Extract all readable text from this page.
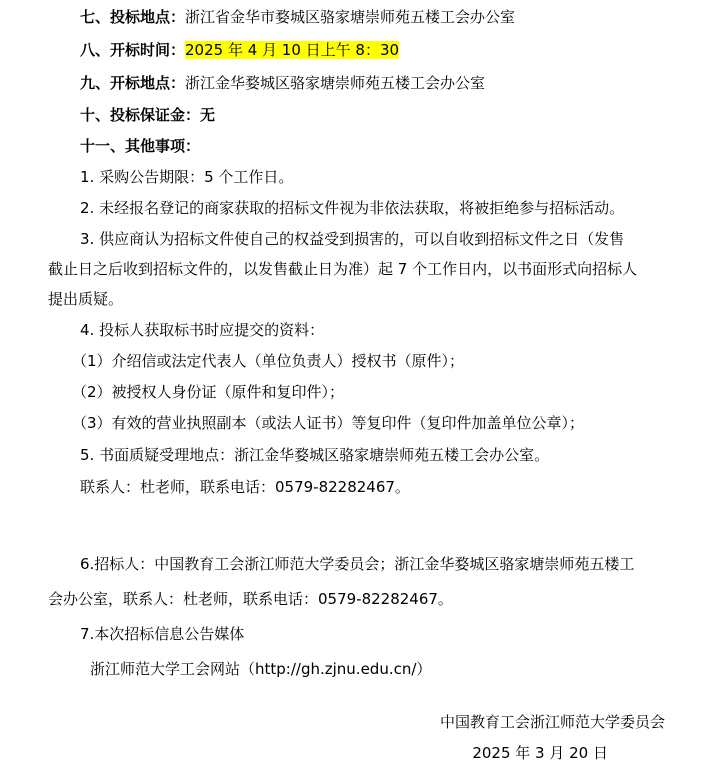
七、投标地点：浙江省金华市婺城区骆家塘崇师苑五楼工会办公室
八、开标时间：2025 年 4 月 10 日上午 8：30
九、开标地点：浙江金华婺城区骆家塘崇师苑五楼工会办公室
十、投标保证金：无
十一、其他事项：
1. 采购公告期限：5 个工作日。
2. 未经报名登记的商家获取的招标文件视为非依法获取，将被拒绝参与招标活动。
3. 供应商认为招标文件使自己的权益受到损害的，可以自收到招标文件之日（发售
截止日之后收到招标文件的，以发售截止日为准）起 7 个工作日内，以书面形式向招标人
提出质疑。
4. 投标人获取标书时应提交的资料：
（1）介绍信或法定代表人（单位负责人）授权书（原件）；
（2）被授权人身份证（原件和复印件）；
（3）有效的营业执照副本（或法人证书）等复印件（复印件加盖单位公章）；
5. 书面质疑受理地点：浙江金华婺城区骆家塘崇师苑五楼工会办公室。
联系人：杜老师，联系电话：0579-82282467。
6.招标人：中国教育工会浙江师范大学委员会；浙江金华婺城区骆家塘崇师苑五楼工
会办公室，联系人：杜老师，联系电话：0579-82282467。
7.本次招标信息公告媒体
浙江师范大学工会网站（http://gh.zjnu.edu.cn/）
中国教育工会浙江师范大学委员会
2025 年 3 月 20 日
